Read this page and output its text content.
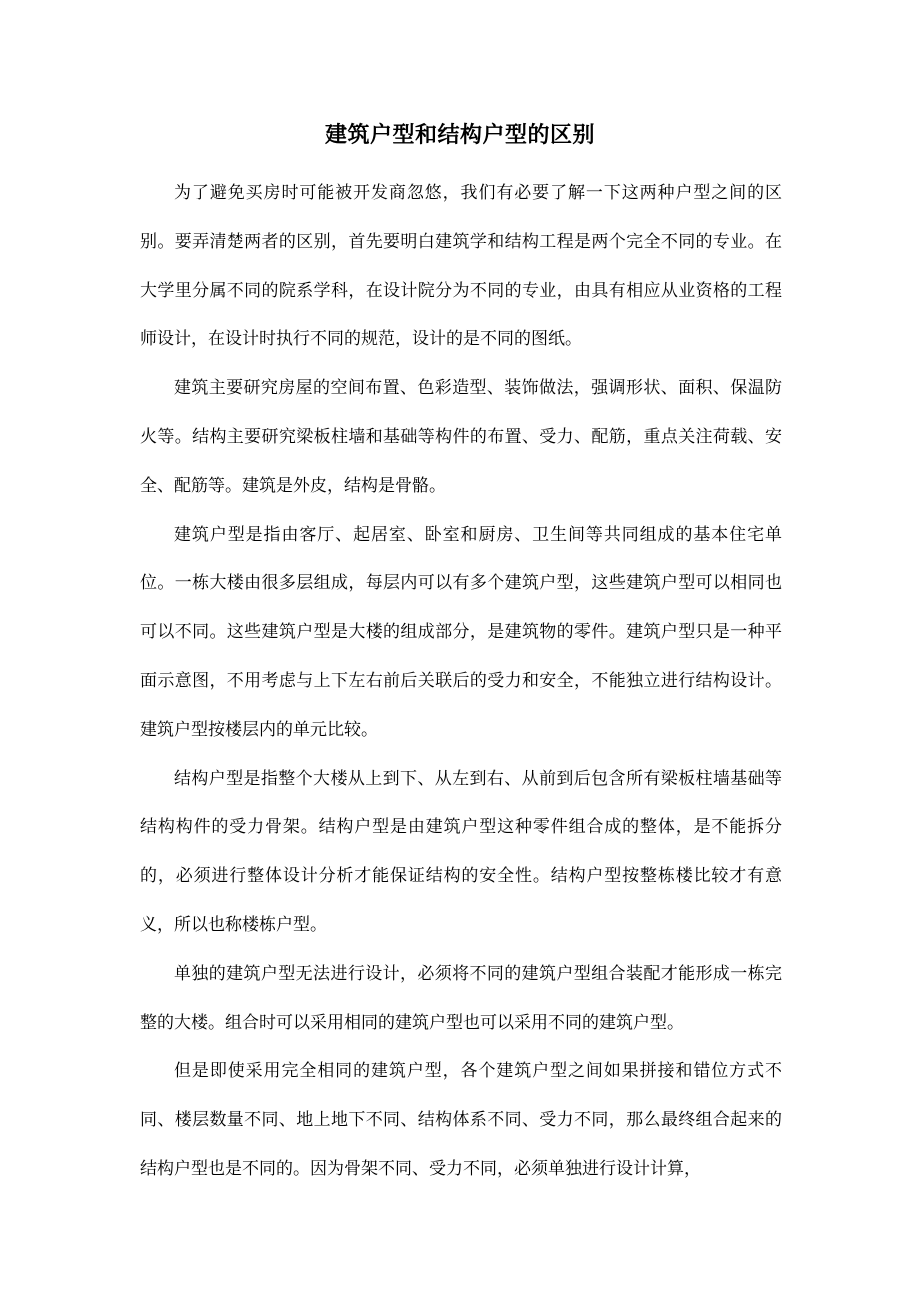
建筑户型和结构户型的区别

为了避免买房时可能被开发商忽悠，我们有必要了解一下这两种户型之间的区别。要弄清楚两者的区别，首先要明白建筑学和结构工程是两个完全不同的专业。在大学里分属不同的院系学科，在设计院分为不同的专业，由具有相应从业资格的工程师设计，在设计时执行不同的规范，设计的是不同的图纸。

建筑主要研究房屋的空间布置、色彩造型、装饰做法，强调形状、面积、保温防火等。结构主要研究梁板柱墙和基础等构件的布置、受力、配筋，重点关注荷载、安全、配筋等。建筑是外皮，结构是骨骼。

建筑户型是指由客厅、起居室、卧室和厨房、卫生间等共同组成的基本住宅单位。一栋大楼由很多层组成，每层内可以有多个建筑户型，这些建筑户型可以相同也可以不同。这些建筑户型是大楼的组成部分，是建筑物的零件。建筑户型只是一种平面示意图，不用考虑与上下左右前后关联后的受力和安全，不能独立进行结构设计。建筑户型按楼层内的单元比较。

结构户型是指整个大楼从上到下、从左到右、从前到后包含所有梁板柱墙基础等结构构件的受力骨架。结构户型是由建筑户型这种零件组合成的整体，是不能拆分的，必须进行整体设计分析才能保证结构的安全性。结构户型按整栋楼比较才有意义，所以也称楼栋户型。

单独的建筑户型无法进行设计，必须将不同的建筑户型组合装配才能形成一栋完整的大楼。组合时可以采用相同的建筑户型也可以采用不同的建筑户型。

但是即使采用完全相同的建筑户型，各个建筑户型之间如果拼接和错位方式不同、楼层数量不同、地上地下不同、结构体系不同、受力不同，那么最终组合起来的结构户型也是不同的。因为骨架不同、受力不同，必须单独进行设计计算，
